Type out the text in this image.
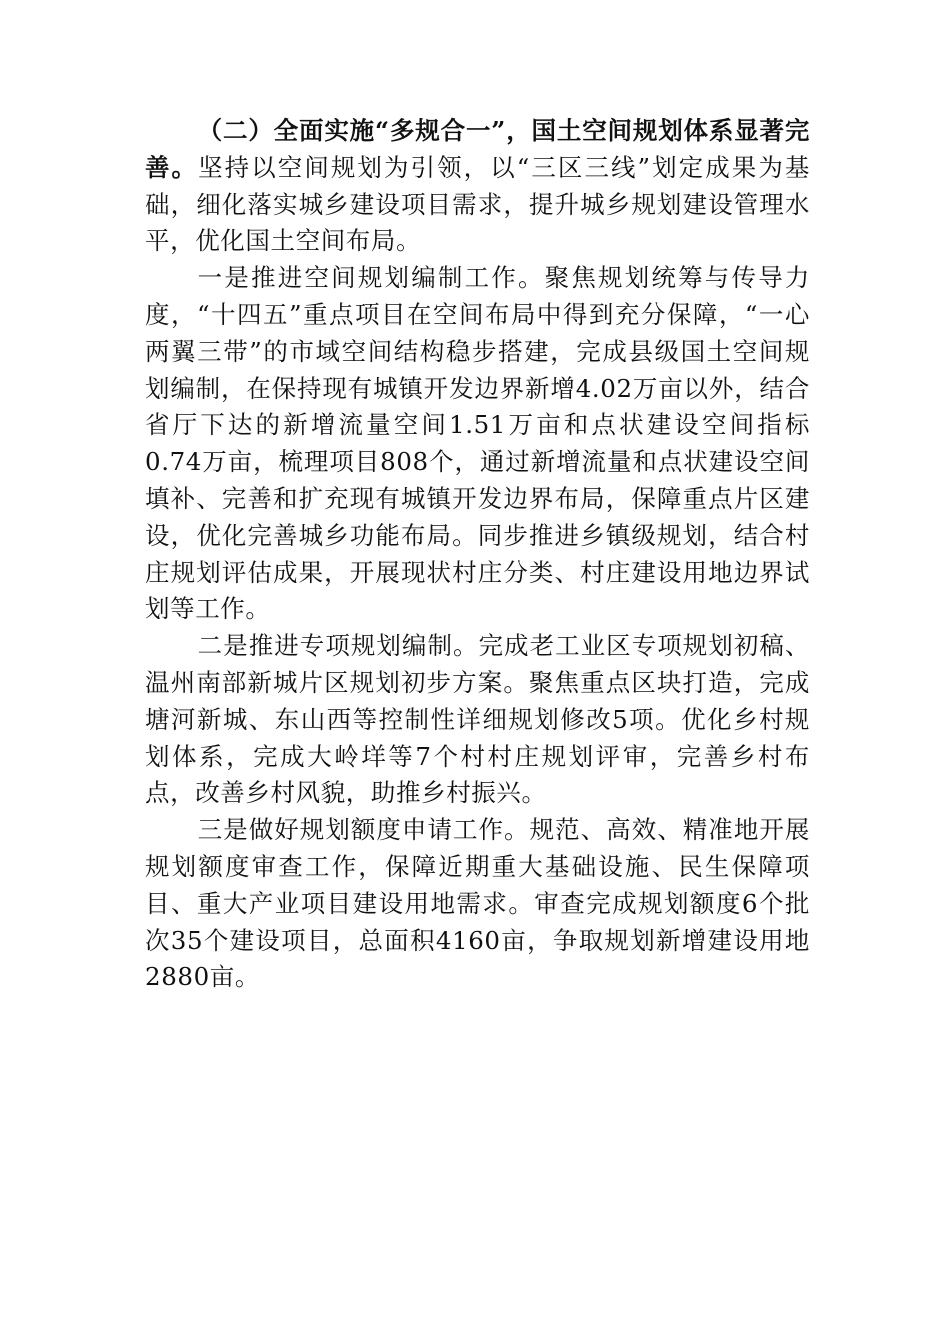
（二）全面实施“多规合一”，国土空间规划体系显著完善。坚持以空间规划为引领，以“三区三线”划定成果为基础，细化落实城乡建设项目需求，提升城乡规划建设管理水平，优化国土空间布局。

一是推进空间规划编制工作。聚焦规划统筹与传导力度，“十四五”重点项目在空间布局中得到充分保障，“一心两翼三带”的市域空间结构稳步搭建，完成县级国土空间规划编制，在保持现有城镇开发边界新增4.02万亩以外，结合省厅下达的新增流量空间1.51万亩和点状建设空间指标0.74万亩，梳理项目808个，通过新增流量和点状建设空间填补、完善和扩充现有城镇开发边界布局，保障重点片区建设，优化完善城乡功能布局。同步推进乡镇级规划，结合村庄规划评估成果，开展现状村庄分类、村庄建设用地边界试划等工作。

二是推进专项规划编制。完成老工业区专项规划初稿、温州南部新城片区规划初步方案。聚焦重点区块打造，完成塘河新城、东山西等控制性详细规划修改5项。优化乡村规划体系，完成大岭垟等7个村村庄规划评审，完善乡村布点，改善乡村风貌，助推乡村振兴。

三是做好规划额度申请工作。规范、高效、精准地开展规划额度审查工作，保障近期重大基础设施、民生保障项目、重大产业项目建设用地需求。审查完成规划额度6个批次35个建设项目，总面积4160亩，争取规划新增建设用地2880亩。
